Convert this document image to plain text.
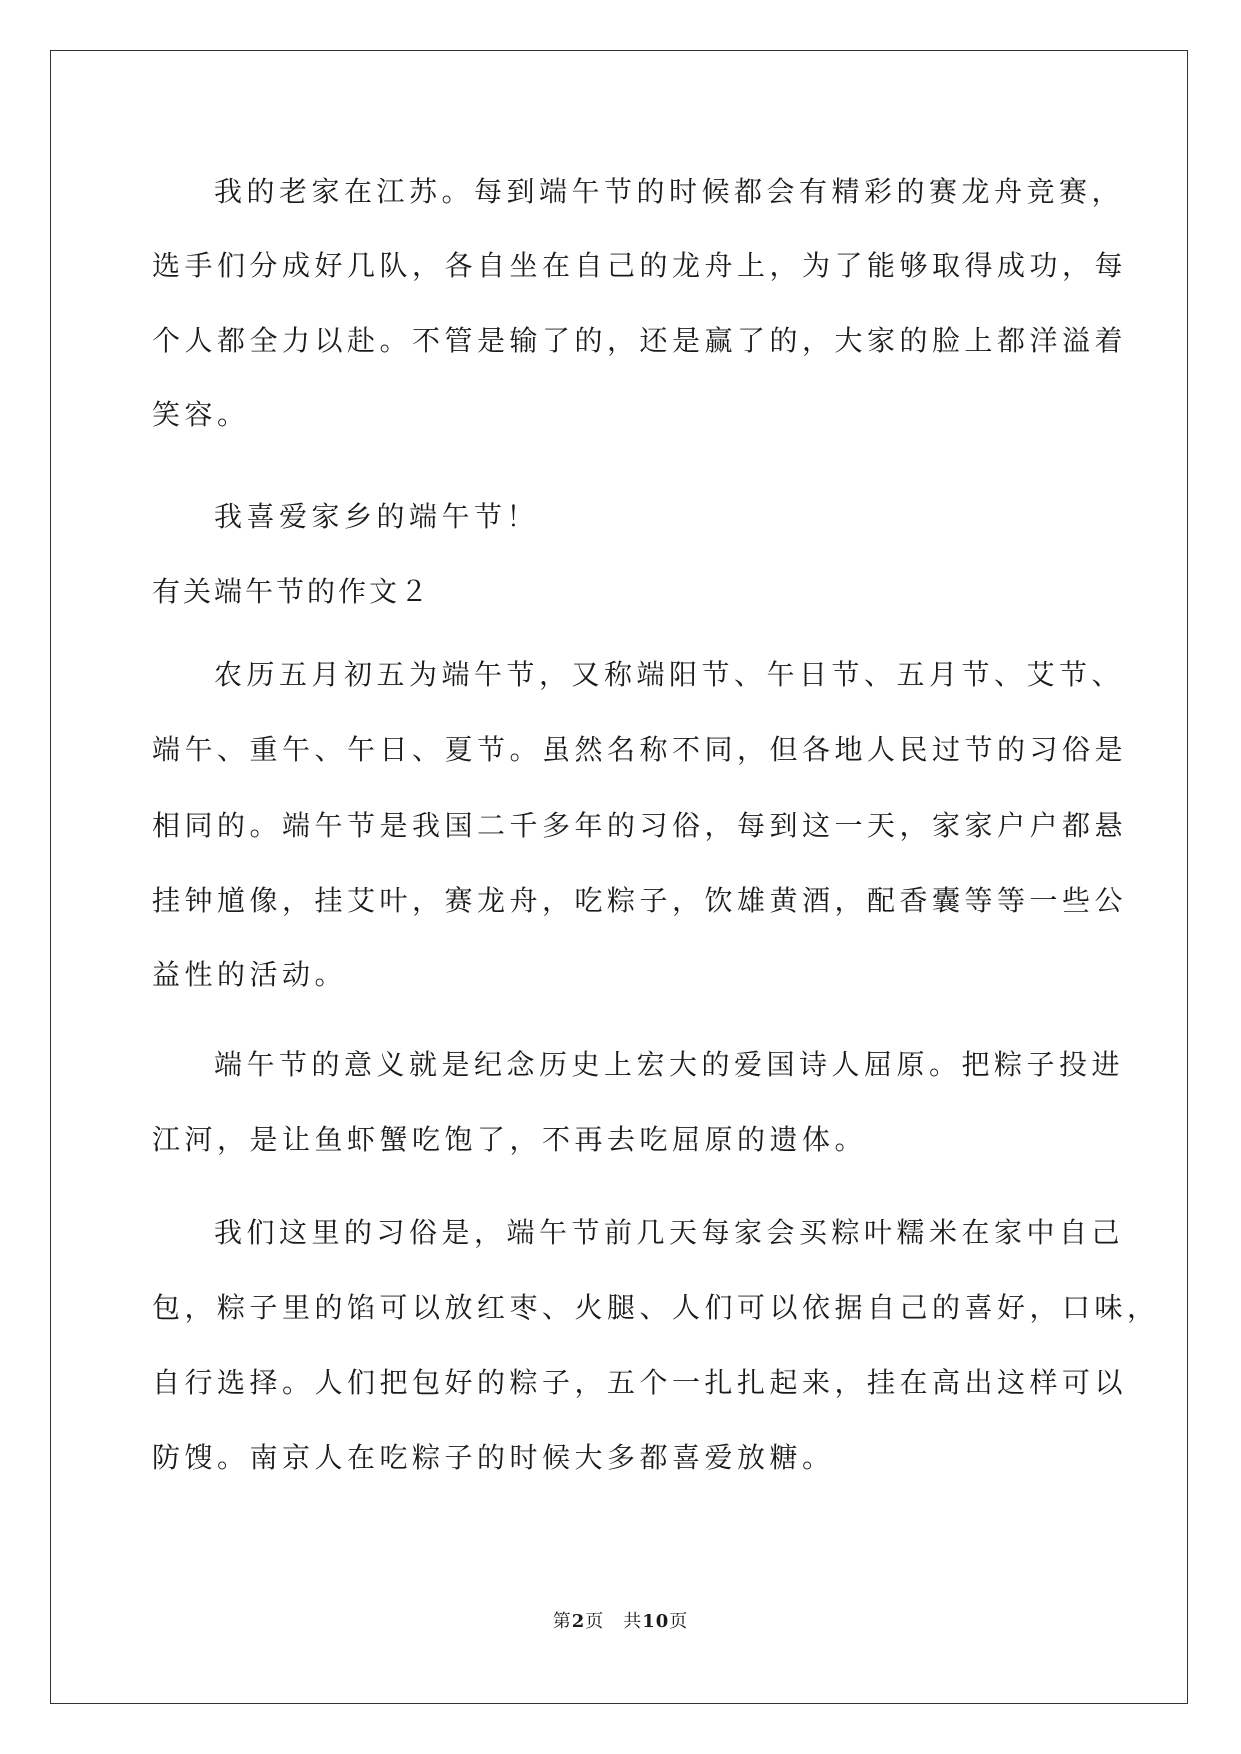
我的老家在江苏。每到端午节的时候都会有精彩的赛龙舟竞赛，
选手们分成好几队，各自坐在自己的龙舟上，为了能够取得成功，每
个人都全力以赴。不管是输了的，还是赢了的，大家的脸上都洋溢着
笑容。
我喜爱家乡的端午节！
有关端午节的作文２
农历五月初五为端午节，又称端阳节、午日节、五月节、艾节、
端午、重午、午日、夏节。虽然名称不同，但各地人民过节的习俗是
相同的。端午节是我国二千多年的习俗，每到这一天，家家户户都悬
挂钟馗像，挂艾叶，赛龙舟，吃粽子，饮雄黄酒，配香囊等等一些公
益性的活动。
端午节的意义就是纪念历史上宏大的爱国诗人屈原。把粽子投进
江河，是让鱼虾蟹吃饱了，不再去吃屈原的遗体。
我们这里的习俗是，端午节前几天每家会买粽叶糯米在家中自己
包，粽子里的馅可以放红枣、火腿、人们可以依据自己的喜好，口味，
自行选择。人们把包好的粽子，五个一扎扎起来，挂在高出这样可以
防馊。南京人在吃粽子的时候大多都喜爱放糖。
第2页　共10页
